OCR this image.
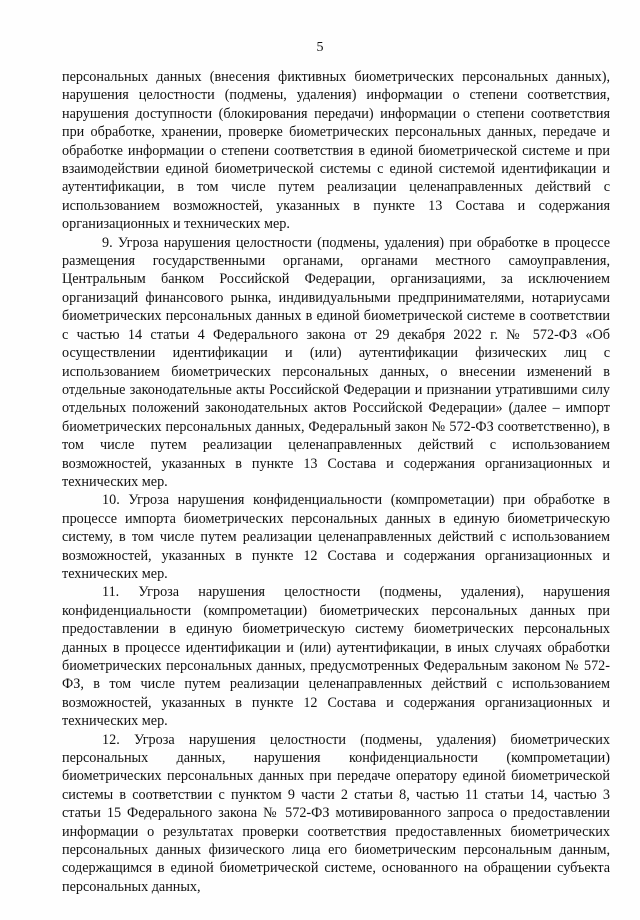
5

персональных данных (внесения фиктивных биометрических персональных данных), нарушения целостности (подмены, удаления) информации о степени соответствия, нарушения доступности (блокирования передачи) информации о степени соответствия при обработке, хранении, проверке биометрических персональных данных, передаче и обработке информации о степени соответствия в единой биометрической системе и при взаимодействии единой биометрической системы с единой системой идентификации и аутентификации, в том числе путем реализации целенаправленных действий с использованием возможностей, указанных в пункте 13 Состава и содержания организационных и технических мер.

9. Угроза нарушения целостности (подмены, удаления) при обработке в процессе размещения государственными органами, органами местного самоуправления, Центральным банком Российской Федерации, организациями, за исключением организаций финансового рынка, индивидуальными предпринимателями, нотариусами биометрических персональных данных в единой биометрической системе в соответствии с частью 14 статьи 4 Федерального закона от 29 декабря 2022 г. № 572-ФЗ «Об осуществлении идентификации и (или) аутентификации физических лиц с использованием биометрических персональных данных, о внесении изменений в отдельные законодательные акты Российской Федерации и признании утратившими силу отдельных положений законодательных актов Российской Федерации» (далее – импорт биометрических персональных данных, Федеральный закон № 572-ФЗ соответственно), в том числе путем реализации целенаправленных действий с использованием возможностей, указанных в пункте 13 Состава и содержания организационных и технических мер.

10. Угроза нарушения конфиденциальности (компрометации) при обработке в процессе импорта биометрических персональных данных в единую биометрическую систему, в том числе путем реализации целенаправленных действий с использованием возможностей, указанных в пункте 12 Состава и содержания организационных и технических мер.

11. Угроза нарушения целостности (подмены, удаления), нарушения конфиденциальности (компрометации) биометрических персональных данных при предоставлении в единую биометрическую систему биометрических персональных данных в процессе идентификации и (или) аутентификации, в иных случаях обработки биометрических персональных данных, предусмотренных Федеральным законом № 572-ФЗ, в том числе путем реализации целенаправленных действий с использованием возможностей, указанных в пункте 12 Состава и содержания организационных и технических мер.

12. Угроза нарушения целостности (подмены, удаления) биометрических персональных данных, нарушения конфиденциальности (компрометации) биометрических персональных данных при передаче оператору единой биометрической системы в соответствии с пунктом 9 части 2 статьи 8, частью 11 статьи 14, частью 3 статьи 15 Федерального закона № 572-ФЗ мотивированного запроса о предоставлении информации о результатах проверки соответствия предоставленных биометрических персональных данных физического лица его биометрическим персональным данным, содержащимся в единой биометрической системе, основанного на обращении субъекта персональных данных,
